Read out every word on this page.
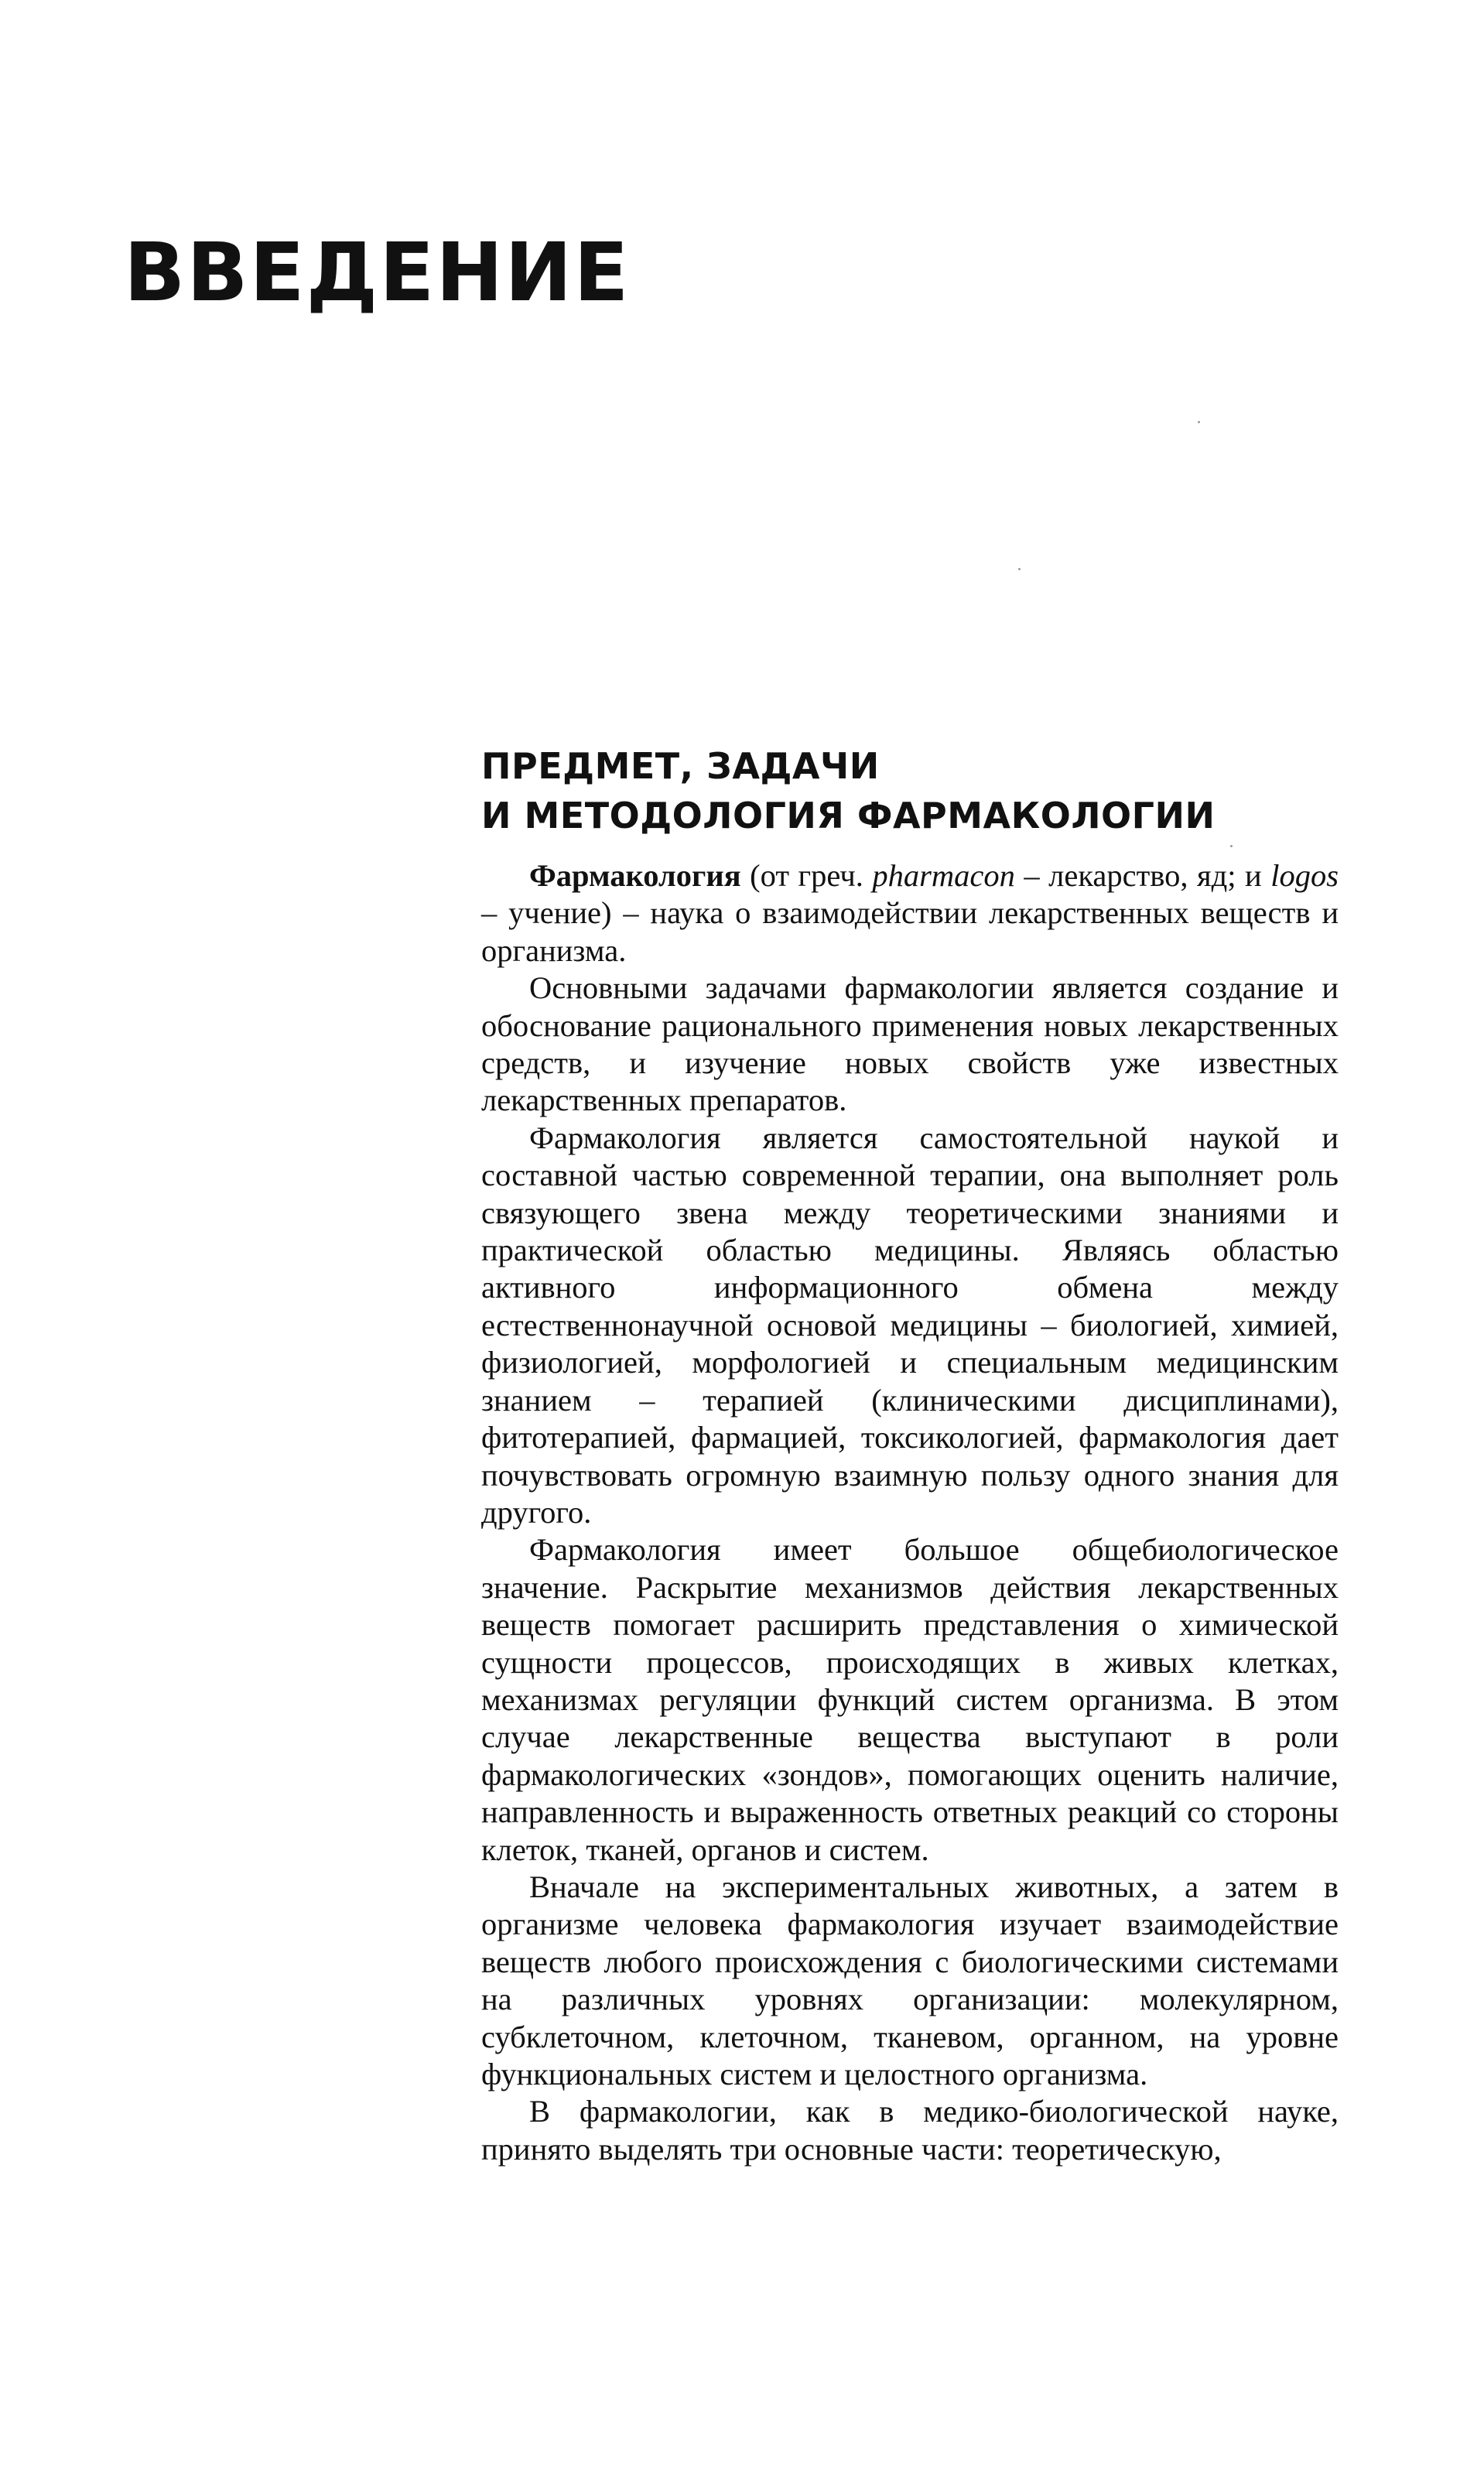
ВВЕДЕНИЕ
ПРЕДМЕТ, ЗАДАЧИ
И МЕТОДОЛОГИЯ ФАРМАКОЛОГИИ

Фармакология (от греч. pharmacon – лекарство, яд; и logos – учение) – наука о взаимодействии лекарственных веществ и организма.

Основными задачами фармакологии является создание и обоснование рационального применения новых лекарственных средств, и изучение новых свойств уже известных лекарственных препаратов.

Фармакология является самостоятельной наукой и составной частью современной терапии, она выполняет роль связующего звена между теоретическими знаниями и практической областью медицины. Являясь областью активного информационного обмена между естественнонаучной основой медицины – биологией, химией, физиологией, морфологией и специальным медицинским знанием – терапией (клиническими дисциплинами), фитотерапией, фармацией, токсикологией, фармакология дает почувствовать огромную взаимную пользу одного знания для другого.

Фармакология имеет большое общебиологическое значение. Раскрытие механизмов действия лекарственных веществ помогает расширить представления о химической сущности процессов, происходящих в живых клетках, механизмах регуляции функций систем организма. В этом случае лекарственные вещества выступают в роли фармакологических «зондов», помогающих оценить наличие, направленность и выраженность ответных реакций со стороны клеток, тканей, органов и систем.

Вначале на экспериментальных животных, а затем в организме человека фармакология изучает взаимодействие веществ любого происхождения с биологическими системами на различных уровнях организации: молекулярном, субклеточном, клеточном, тканевом, органном, на уровне функциональных систем и целостного организма.

В фармакологии, как в медико-биологической науке, принято выделять три основные части: теоретическую,
